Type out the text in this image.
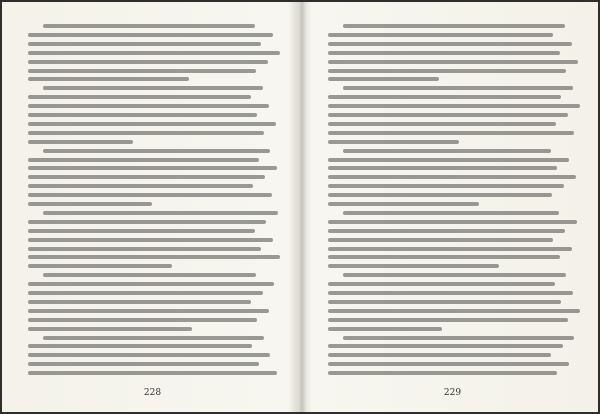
228	229
